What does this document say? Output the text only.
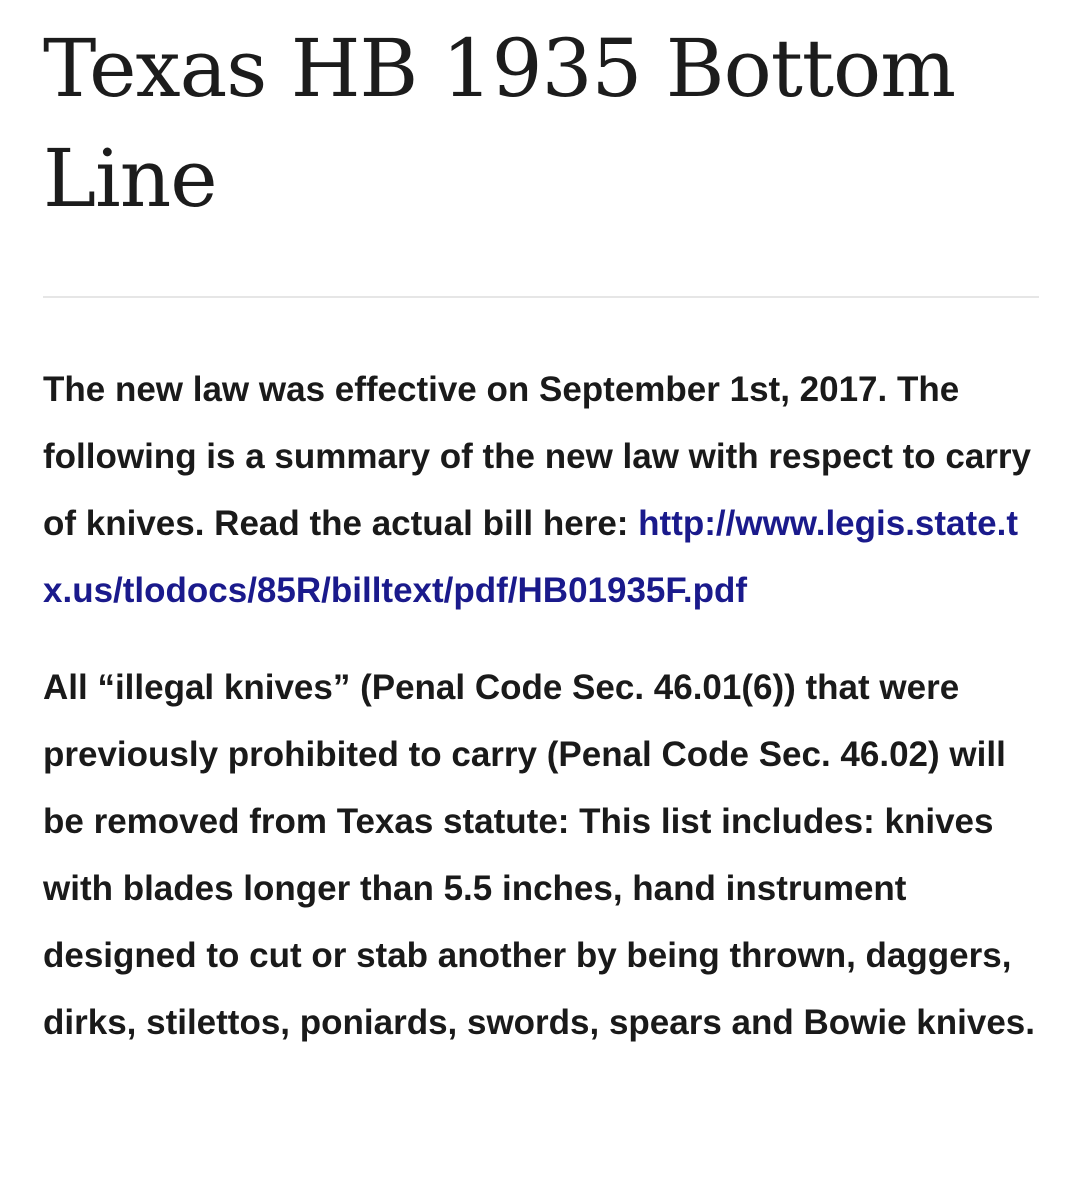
Texas HB 1935 Bottom Line

The new law was effective on September 1st, 2017. The following is a summary of the new law with respect to carry of knives. Read the actual bill here: http://www.legis.state.tx.us/tlodocs/85R/billtext/pdf/HB01935F.pdf

All “illegal knives” (Penal Code Sec. 46.01(6)) that were previously prohibited to carry (Penal Code Sec. 46.02) will be removed from Texas statute: This list includes: knives with blades longer than 5.5 inches, hand instrument designed to cut or stab another by being thrown, daggers, dirks, stilettos, poniards, swords, spears and Bowie knives.
